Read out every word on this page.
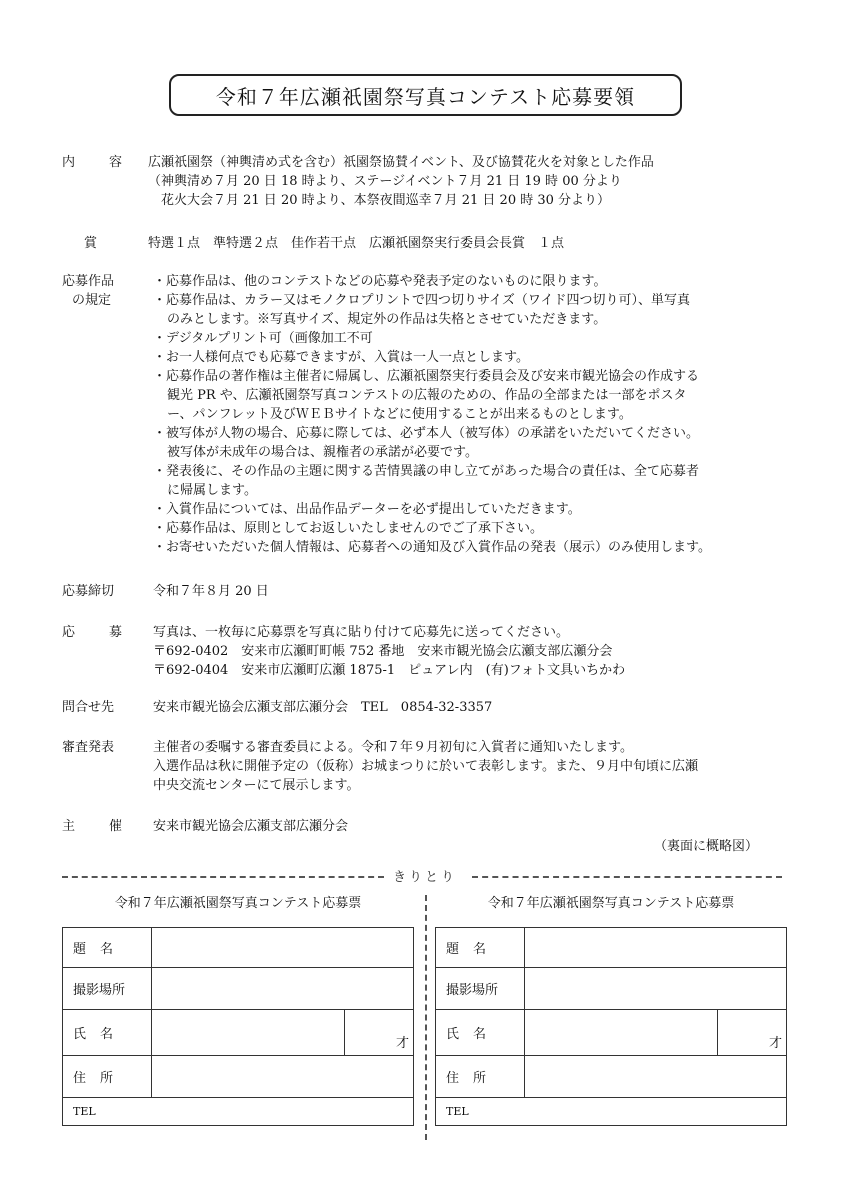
令和７年広瀬祇園祭写真コンテスト応募要領
内	容 広瀬祇園祭（神輿清め式を含む）祇園祭協賛イベント、及び協賛花火を対象とした作品
（神輿清め７月 20 日 18 時より、ステージイベント７月 21 日 19 時 00 分より
　花火大会７月 21 日 20 時より、本祭夜間巡幸７月 21 日 20 時 30 分より）
賞	特選１点　準特選２点　佳作若干点　広瀬祇園祭実行委員会長賞　１点
応募作品
の規定
・応募作品は、他のコンテストなどの応募や発表予定のないものに限ります。
・応募作品は、カラー又はモノクロプリントで四つ切りサイズ（ワイド四つ切り可）、単写真
のみとします。※写真サイズ、規定外の作品は失格とさせていただきます。
・デジタルプリント可（画像加工不可
・お一人様何点でも応募できますが、入賞は一人一点とします。
・応募作品の著作権は主催者に帰属し、広瀬祇園祭実行委員会及び安来市観光協会の作成する
観光 PR や、広瀬祇園祭写真コンテストの広報のための、作品の全部または一部をポスタ
ー、パンフレット及びＷＥＢサイトなどに使用することが出来るものとします。
・被写体が人物の場合、応募に際しては、必ず本人（被写体）の承諾をいただいてください。
被写体が未成年の場合は、親権者の承諾が必要です。
・発表後に、その作品の主題に関する苦情異議の申し立てがあった場合の責任は、全て応募者
に帰属します。
・入賞作品については、出品作品データーを必ず提出していただきます。
・応募作品は、原則としてお返しいたしませんのでご了承下さい。
・お寄せいただいた個人情報は、応募者への通知及び入賞作品の発表（展示）のみ使用します。
応募締切	令和７年８月 20 日
応	募 写真は、一枚毎に応募票を写真に貼り付けて応募先に送ってください。
〒692-0402　安来市広瀬町町帳 752 番地　安来市観光協会広瀬支部広瀬分会
〒692-0404　安来市広瀬町広瀬 1875-1　ピュアレ内　(有)フォト文具いちかわ
問合せ先	安来市観光協会広瀬支部広瀬分会　TEL　0854-32-3357
審査発表	主催者の委嘱する審査委員による。令和７年９月初旬に入賞者に通知いたします。
入選作品は秋に開催予定の（仮称）お城まつりに於いて表彰します。また、９月中旬頃に広瀬
中央交流センターにて展示します。
主	催 安来市観光協会広瀬支部広瀬分会
（裏面に概略図）
きりとり
令和７年広瀬祇園祭写真コンテスト応募票
題 名		

撮影場所		

氏 名		才

住 所		

TEL		
令和７年広瀬祇園祭写真コンテスト応募票
題 名		

撮影場所		

氏 名		才

住 所		

TEL		
